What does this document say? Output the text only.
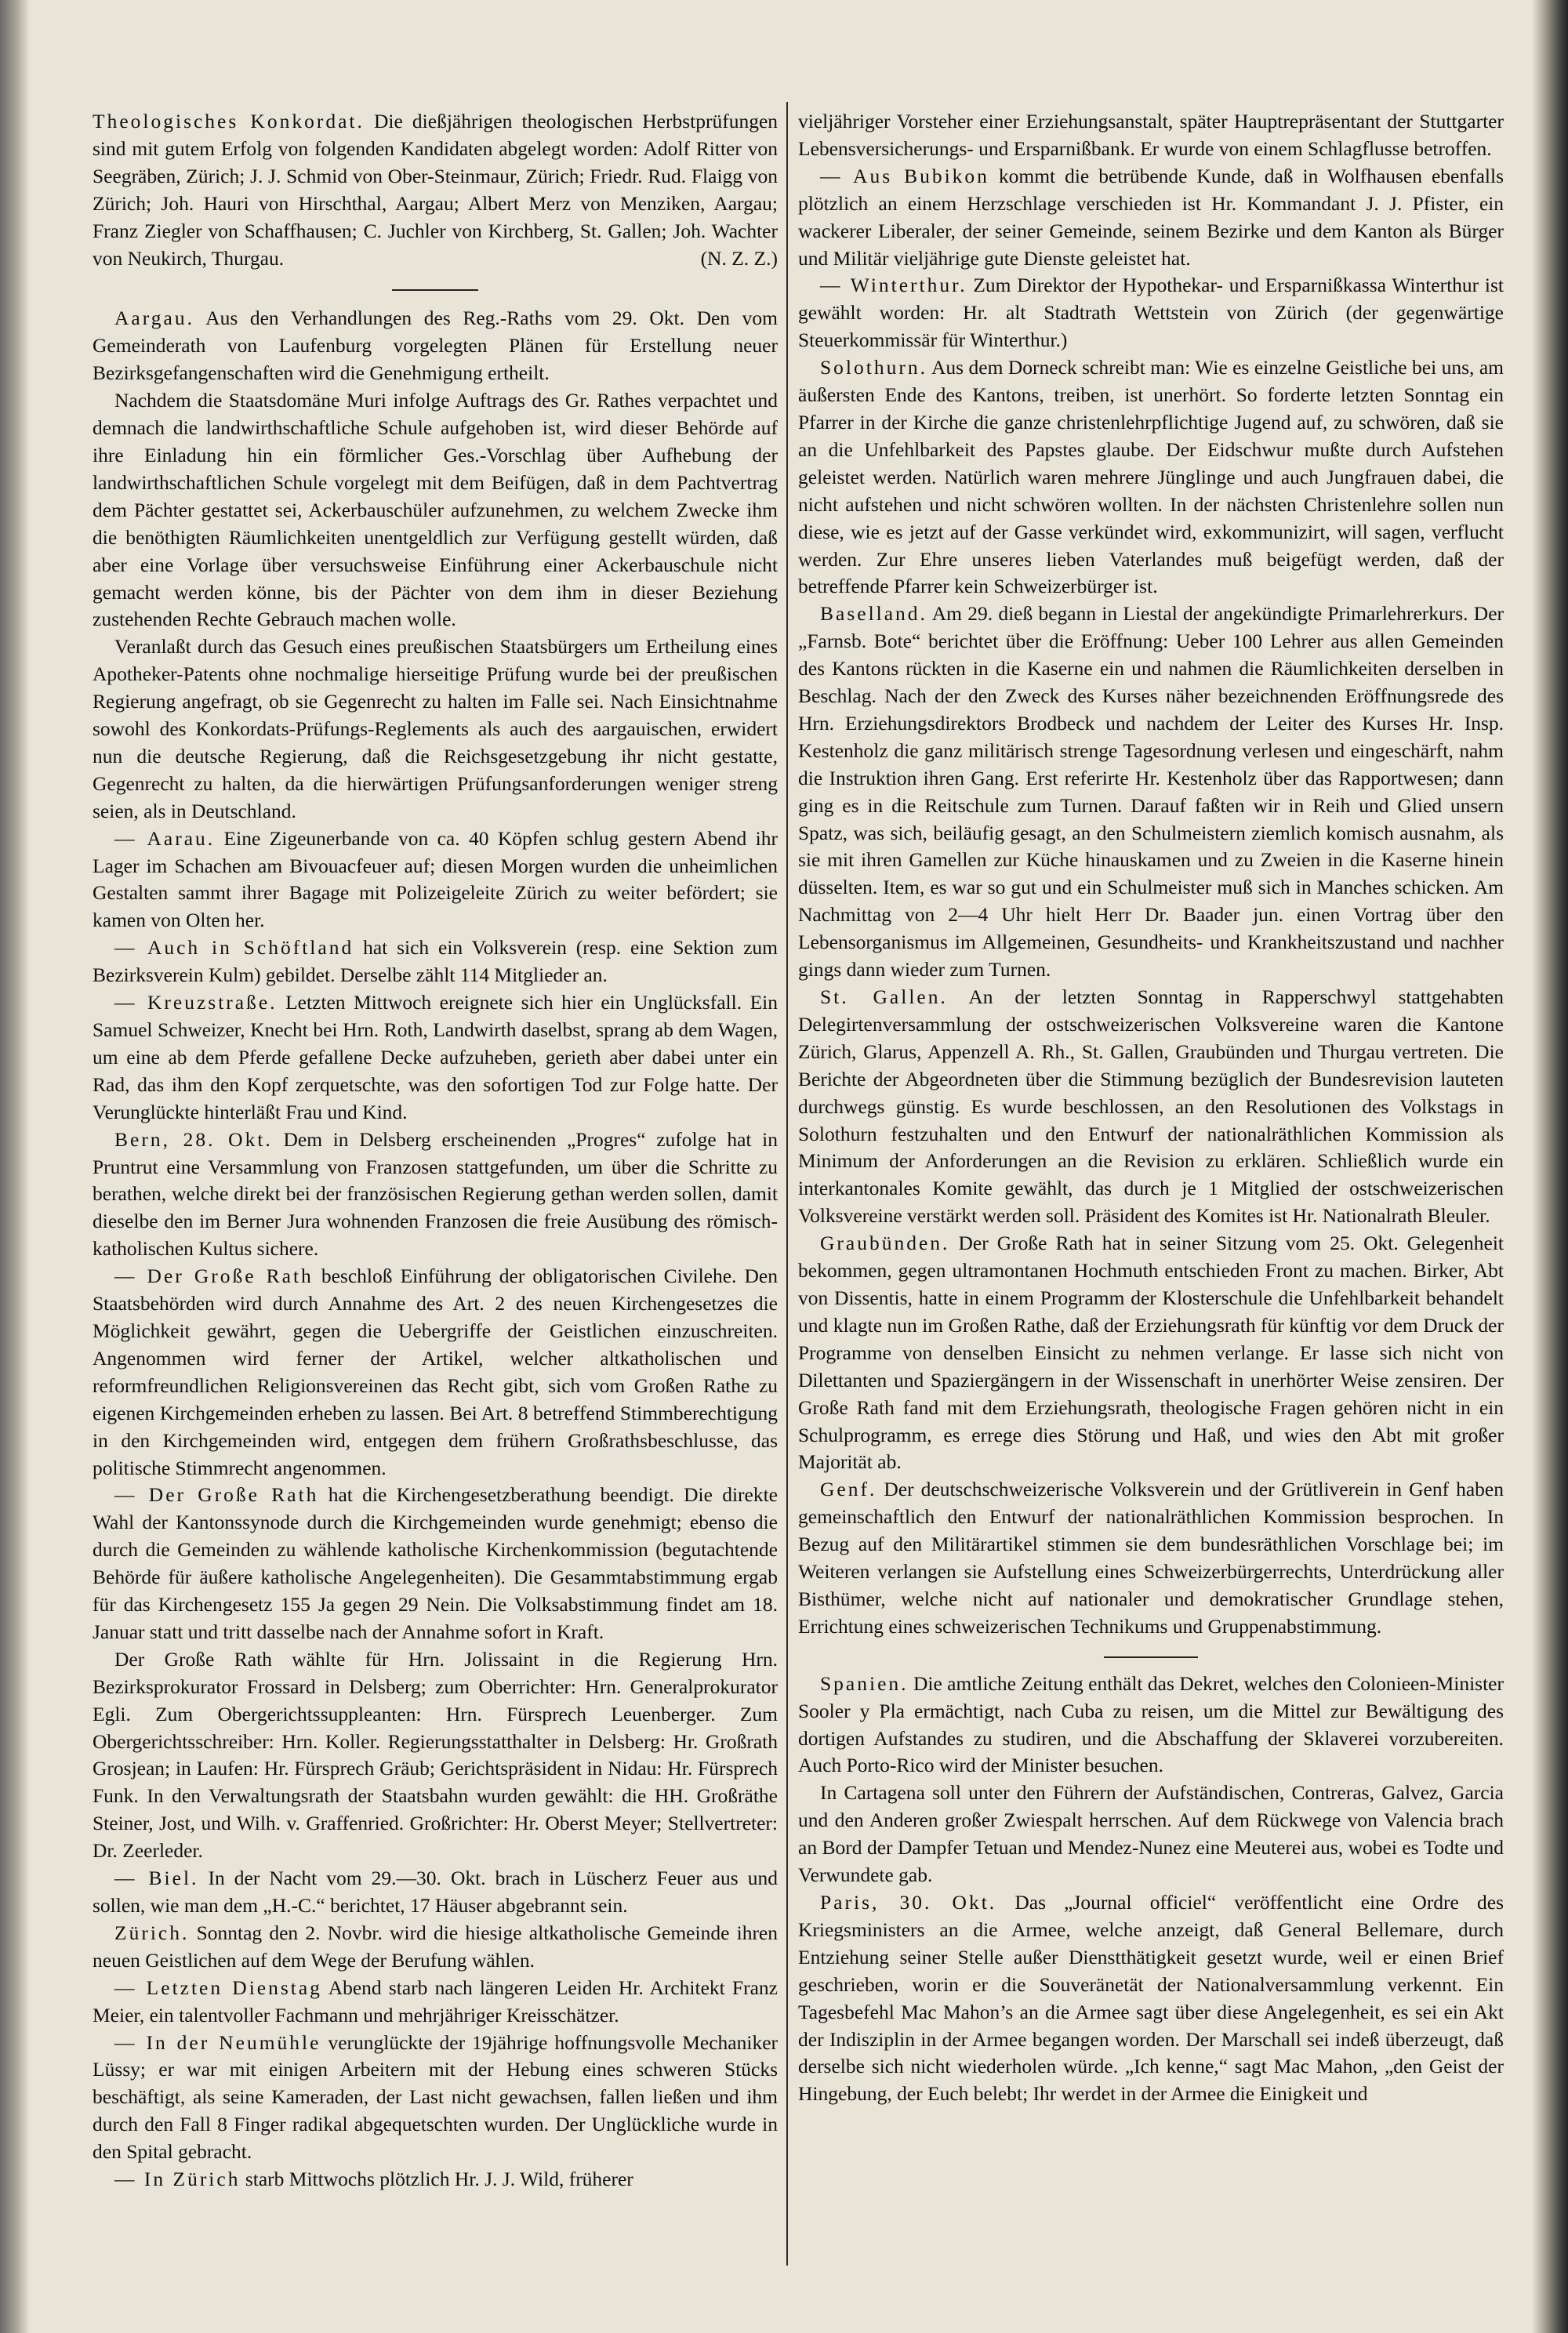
Theologisches Konkordat. Die dießjährigen theologischen Herbstprüfungen sind mit gutem Erfolg von folgenden Kandidaten abgelegt worden: Adolf Ritter von Seegräben, Zürich; J. J. Schmid von Ober-Steinmaur, Zürich; Friedr. Rud. Flaigg von Zürich; Joh. Hauri von Hirschthal, Aargau; Albert Merz von Menziken, Aargau; Franz Ziegler von Schaffhausen; C. Juchler von Kirchberg, St. Gallen; Joh. Wachter von Neukirch, Thurgau.	(N. Z. Z.)

Aargau. Aus den Verhandlungen des Reg.-Raths vom 29. Okt. Den vom Gemeinderath von Laufenburg vorgelegten Plänen für Erstellung neuer Bezirksgefangenschaften wird die Genehmigung ertheilt.

Nachdem die Staatsdomäne Muri infolge Auftrags des Gr. Rathes verpachtet und demnach die landwirthschaftliche Schule aufgehoben ist, wird dieser Behörde auf ihre Einladung hin ein förmlicher Ges.-Vorschlag über Aufhebung der landwirthschaftlichen Schule vorgelegt mit dem Beifügen, daß in dem Pachtvertrag dem Pächter gestattet sei, Ackerbauschüler aufzunehmen, zu welchem Zwecke ihm die benöthigten Räumlichkeiten unentgeldlich zur Verfügung gestellt würden, daß aber eine Vorlage über versuchsweise Einführung einer Ackerbauschule nicht gemacht werden könne, bis der Pächter von dem ihm in dieser Beziehung zustehenden Rechte Gebrauch machen wolle.

Veranlaßt durch das Gesuch eines preußischen Staatsbürgers um Ertheilung eines Apotheker-Patents ohne nochmalige hierseitige Prüfung wurde bei der preußischen Regierung angefragt, ob sie Gegenrecht zu halten im Falle sei. Nach Einsichtnahme sowohl des Konkordats-Prüfungs-Reglements als auch des aargauischen, erwidert nun die deutsche Regierung, daß die Reichsgesetzgebung ihr nicht gestatte, Gegenrecht zu halten, da die hierwärtigen Prüfungsanforderungen weniger streng seien, als in Deutschland.

— Aarau. Eine Zigeunerbande von ca. 40 Köpfen schlug gestern Abend ihr Lager im Schachen am Bivouacfeuer auf; diesen Morgen wurden die unheimlichen Gestalten sammt ihrer Bagage mit Polizeigeleite Zürich zu weiter befördert; sie kamen von Olten her.

— Auch in Schöftland hat sich ein Volksverein (resp. eine Sektion zum Bezirksverein Kulm) gebildet. Derselbe zählt 114 Mitglieder an.

— Kreuzstraße. Letzten Mittwoch ereignete sich hier ein Unglücksfall. Ein Samuel Schweizer, Knecht bei Hrn. Roth, Landwirth daselbst, sprang ab dem Wagen, um eine ab dem Pferde gefallene Decke aufzuheben, gerieth aber dabei unter ein Rad, das ihm den Kopf zerquetschte, was den sofortigen Tod zur Folge hatte. Der Verunglückte hinterläßt Frau und Kind.

Bern, 28. Okt. Dem in Delsberg erscheinenden „Progres“ zufolge hat in Pruntrut eine Versammlung von Franzosen stattgefunden, um über die Schritte zu berathen, welche direkt bei der französischen Regierung gethan werden sollen, damit dieselbe den im Berner Jura wohnenden Franzosen die freie Ausübung des römisch-katholischen Kultus sichere.

— Der Große Rath beschloß Einführung der obligatorischen Civilehe. Den Staatsbehörden wird durch Annahme des Art. 2 des neuen Kirchengesetzes die Möglichkeit gewährt, gegen die Uebergriffe der Geistlichen einzuschreiten. Angenommen wird ferner der Artikel, welcher altkatholischen und reformfreundlichen Religionsvereinen das Recht gibt, sich vom Großen Rathe zu eigenen Kirchgemeinden erheben zu lassen. Bei Art. 8 betreffend Stimmberechtigung in den Kirchgemeinden wird, entgegen dem frühern Großrathsbeschlusse, das politische Stimmrecht angenommen.

— Der Große Rath hat die Kirchengesetzberathung beendigt. Die direkte Wahl der Kantonssynode durch die Kirchgemeinden wurde genehmigt; ebenso die durch die Gemeinden zu wählende katholische Kirchenkommission (begutachtende Behörde für äußere katholische Angelegenheiten). Die Gesammtabstimmung ergab für das Kirchengesetz 155 Ja gegen 29 Nein. Die Volksabstimmung findet am 18. Januar statt und tritt dasselbe nach der Annahme sofort in Kraft.

Der Große Rath wählte für Hrn. Jolissaint in die Regierung Hrn. Bezirksprokurator Frossard in Delsberg; zum Oberrichter: Hrn. Generalprokurator Egli. Zum Obergerichtssuppleanten: Hrn. Fürsprech Leuenberger. Zum Obergerichtsschreiber: Hrn. Koller. Regierungsstatthalter in Delsberg: Hr. Großrath Grosjean; in Laufen: Hr. Fürsprech Gräub; Gerichtspräsident in Nidau: Hr. Fürsprech Funk. In den Verwaltungsrath der Staatsbahn wurden gewählt: die HH. Großräthe Steiner, Jost, und Wilh. v. Graffenried. Großrichter: Hr. Oberst Meyer; Stellvertreter: Dr. Zeerleder.

— Biel. In der Nacht vom 29.—30. Okt. brach in Lüscherz Feuer aus und sollen, wie man dem „H.-C.“ berichtet, 17 Häuser abgebrannt sein.

Zürich. Sonntag den 2. Novbr. wird die hiesige altkatholische Gemeinde ihren neuen Geistlichen auf dem Wege der Berufung wählen.

— Letzten Dienstag Abend starb nach längeren Leiden Hr. Architekt Franz Meier, ein talentvoller Fachmann und mehrjähriger Kreisschätzer.

— In der Neumühle verunglückte der 19jährige hoffnungsvolle Mechaniker Lüssy; er war mit einigen Arbeitern mit der Hebung eines schweren Stücks beschäftigt, als seine Kameraden, der Last nicht gewachsen, fallen ließen und ihm durch den Fall 8 Finger radikal abgequetschten wurden. Der Unglückliche wurde in den Spital gebracht.

— In Zürich starb Mittwochs plötzlich Hr. J. J. Wild, früherer

vieljähriger Vorsteher einer Erziehungsanstalt, später Hauptrepräsentant der Stuttgarter Lebensversicherungs- und Ersparnißbank. Er wurde von einem Schlagflusse betroffen.

— Aus Bubikon kommt die betrübende Kunde, daß in Wolfhausen ebenfalls plötzlich an einem Herzschlage verschieden ist Hr. Kommandant J. J. Pfister, ein wackerer Liberaler, der seiner Gemeinde, seinem Bezirke und dem Kanton als Bürger und Militär vieljährige gute Dienste geleistet hat.

— Winterthur. Zum Direktor der Hypothekar- und Ersparnißkassa Winterthur ist gewählt worden: Hr. alt Stadtrath Wettstein von Zürich (der gegenwärtige Steuerkommissär für Winterthur.)

Solothurn. Aus dem Dorneck schreibt man: Wie es einzelne Geistliche bei uns, am äußersten Ende des Kantons, treiben, ist unerhört. So forderte letzten Sonntag ein Pfarrer in der Kirche die ganze christenlehrpflichtige Jugend auf, zu schwören, daß sie an die Unfehlbarkeit des Papstes glaube. Der Eidschwur mußte durch Aufstehen geleistet werden. Natürlich waren mehrere Jünglinge und auch Jungfrauen dabei, die nicht aufstehen und nicht schwören wollten. In der nächsten Christenlehre sollen nun diese, wie es jetzt auf der Gasse verkündet wird, exkommunizirt, will sagen, verflucht werden. Zur Ehre unseres lieben Vaterlandes muß beigefügt werden, daß der betreffende Pfarrer kein Schweizerbürger ist.

Baselland. Am 29. dieß begann in Liestal der angekündigte Primarlehrerkurs. Der „Farnsb. Bote“ berichtet über die Eröffnung: Ueber 100 Lehrer aus allen Gemeinden des Kantons rückten in die Kaserne ein und nahmen die Räumlichkeiten derselben in Beschlag. Nach der den Zweck des Kurses näher bezeichnenden Eröffnungsrede des Hrn. Erziehungsdirektors Brodbeck und nachdem der Leiter des Kurses Hr. Insp. Kestenholz die ganz militärisch strenge Tagesordnung verlesen und eingeschärft, nahm die Instruktion ihren Gang. Erst referirte Hr. Kestenholz über das Rapportwesen; dann ging es in die Reitschule zum Turnen. Darauf faßten wir in Reih und Glied unsern Spatz, was sich, beiläufig gesagt, an den Schulmeistern ziemlich komisch ausnahm, als sie mit ihren Gamellen zur Küche hinauskamen und zu Zweien in die Kaserne hinein düsselten. Item, es war so gut und ein Schulmeister muß sich in Manches schicken. Am Nachmittag von 2—4 Uhr hielt Herr Dr. Baader jun. einen Vortrag über den Lebensorganismus im Allgemeinen, Gesundheits- und Krankheitszustand und nachher gings dann wieder zum Turnen.

St. Gallen. An der letzten Sonntag in Rapperschwyl stattgehabten Delegirtenversammlung der ostschweizerischen Volksvereine waren die Kantone Zürich, Glarus, Appenzell A. Rh., St. Gallen, Graubünden und Thurgau vertreten. Die Berichte der Abgeordneten über die Stimmung bezüglich der Bundesrevision lauteten durchwegs günstig. Es wurde beschlossen, an den Resolutionen des Volkstags in Solothurn festzuhalten und den Entwurf der nationalräthlichen Kommission als Minimum der Anforderungen an die Revision zu erklären. Schließlich wurde ein interkantonales Komite gewählt, das durch je 1 Mitglied der ostschweizerischen Volksvereine verstärkt werden soll. Präsident des Komites ist Hr. Nationalrath Bleuler.

Graubünden. Der Große Rath hat in seiner Sitzung vom 25. Okt. Gelegenheit bekommen, gegen ultramontanen Hochmuth entschieden Front zu machen. Birker, Abt von Dissentis, hatte in einem Programm der Klosterschule die Unfehlbarkeit behandelt und klagte nun im Großen Rathe, daß der Erziehungsrath für künftig vor dem Druck der Programme von denselben Einsicht zu nehmen verlange. Er lasse sich nicht von Dilettanten und Spaziergängern in der Wissenschaft in unerhörter Weise zensiren. Der Große Rath fand mit dem Erziehungsrath, theologische Fragen gehören nicht in ein Schulprogramm, es errege dies Störung und Haß, und wies den Abt mit großer Majorität ab.

Genf. Der deutschschweizerische Volksverein und der Grütliverein in Genf haben gemeinschaftlich den Entwurf der nationalräthlichen Kommission besprochen. In Bezug auf den Militärartikel stimmen sie dem bundesräthlichen Vorschlage bei; im Weiteren verlangen sie Aufstellung eines Schweizerbürgerrechts, Unterdrückung aller Bisthümer, welche nicht auf nationaler und demokratischer Grundlage stehen, Errichtung eines schweizerischen Technikums und Gruppenabstimmung.

Spanien. Die amtliche Zeitung enthält das Dekret, welches den Colonieen-Minister Sooler y Pla ermächtigt, nach Cuba zu reisen, um die Mittel zur Bewältigung des dortigen Aufstandes zu studiren, und die Abschaffung der Sklaverei vorzubereiten. Auch Porto-Rico wird der Minister besuchen.

In Cartagena soll unter den Führern der Aufständischen, Contreras, Galvez, Garcia und den Anderen großer Zwiespalt herrschen. Auf dem Rückwege von Valencia brach an Bord der Dampfer Tetuan und Mendez-Nunez eine Meuterei aus, wobei es Todte und Verwundete gab.

Paris, 30. Okt. Das „Journal officiel“ veröffentlicht eine Ordre des Kriegsministers an die Armee, welche anzeigt, daß General Bellemare, durch Entziehung seiner Stelle außer Dienstthätigkeit gesetzt wurde, weil er einen Brief geschrieben, worin er die Souveränetät der Nationalversammlung verkennt. Ein Tagesbefehl Mac Mahon’s an die Armee sagt über diese Angelegenheit, es sei ein Akt der Indisziplin in der Armee begangen worden. Der Marschall sei indeß überzeugt, daß derselbe sich nicht wiederholen würde. „Ich kenne,“ sagt Mac Mahon, „den Geist der Hingebung, der Euch belebt; Ihr werdet in der Armee die Einigkeit und
